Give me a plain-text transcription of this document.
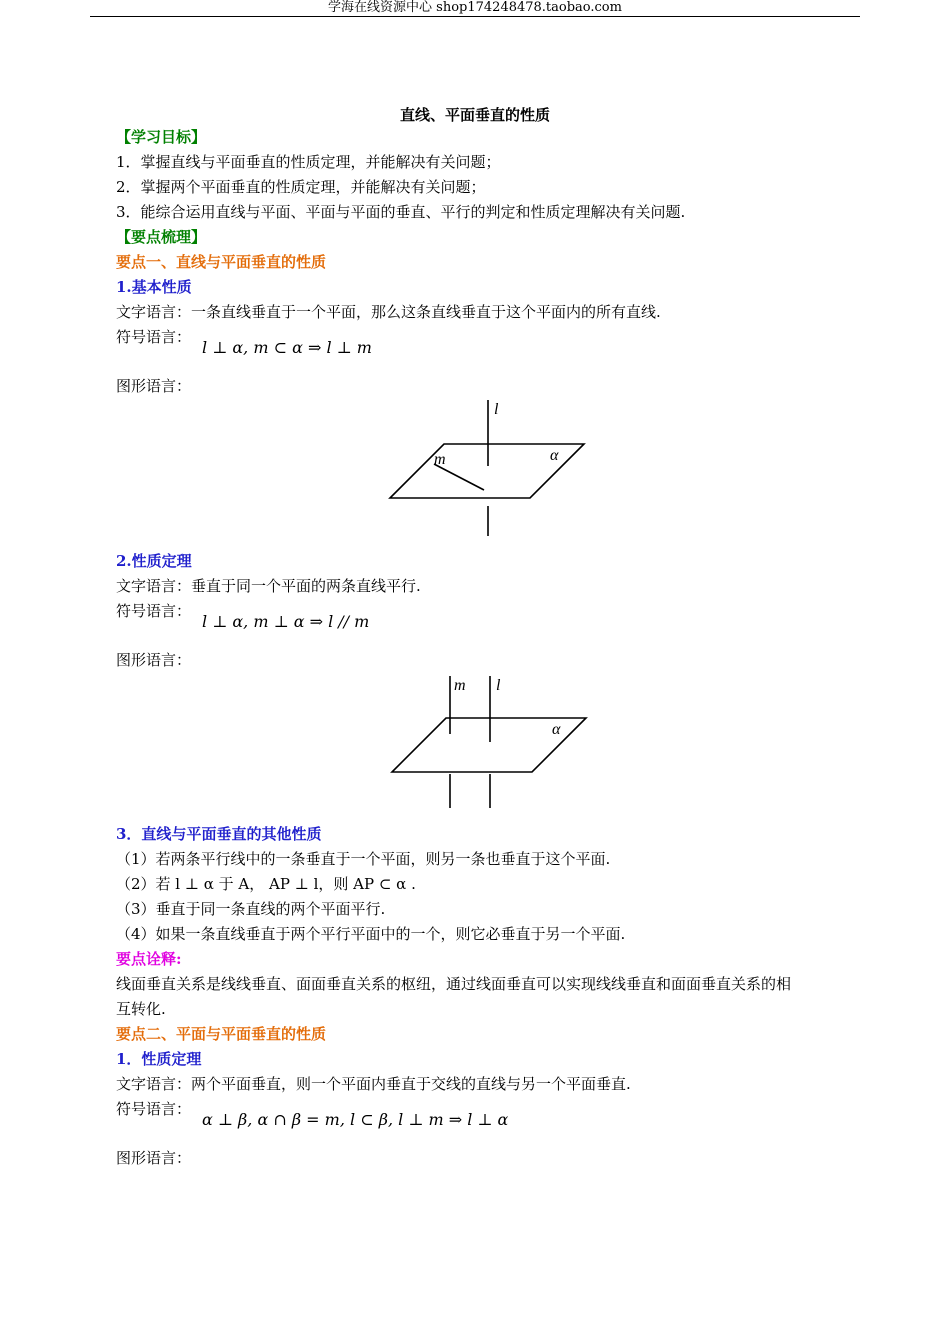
学海在线资源中心 shop174248478.taobao.com
直线、平面垂直的性质
【学习目标】
1．掌握直线与平面垂直的性质定理，并能解决有关问题；
2．掌握两个平面垂直的性质定理，并能解决有关问题；
3．能综合运用直线与平面、平面与平面的垂直、平行的判定和性质定理解决有关问题.
【要点梳理】
要点一、直线与平面垂直的性质
1.基本性质
文字语言：一条直线垂直于一个平面，那么这条直线垂直于这个平面内的所有直线.
符号语言：
l ⊥ α, m ⊂ α ⇒ l ⊥ m
图形语言：
l
m	α
2.性质定理
文字语言：垂直于同一个平面的两条直线平行.
符号语言：
l ⊥ α, m ⊥ α ⇒ l // m
图形语言：
m l
α
3．直线与平面垂直的其他性质
（1）若两条平行线中的一条垂直于一个平面，则另一条也垂直于这个平面.
（2）若 l ⊥ α 于 A， AP ⊥ l，则 AP ⊂ α .
（3）垂直于同一条直线的两个平面平行.
（4）如果一条直线垂直于两个平行平面中的一个，则它必垂直于另一个平面.
要点诠释:
线面垂直关系是线线垂直、面面垂直关系的枢纽，通过线面垂直可以实现线线垂直和面面垂直关系的相
互转化.
要点二、平面与平面垂直的性质
1．性质定理
文字语言：两个平面垂直，则一个平面内垂直于交线的直线与另一个平面垂直.
符号语言：
α ⊥ β, α ∩ β = m, l ⊂ β, l ⊥ m ⇒ l ⊥ α
图形语言：
